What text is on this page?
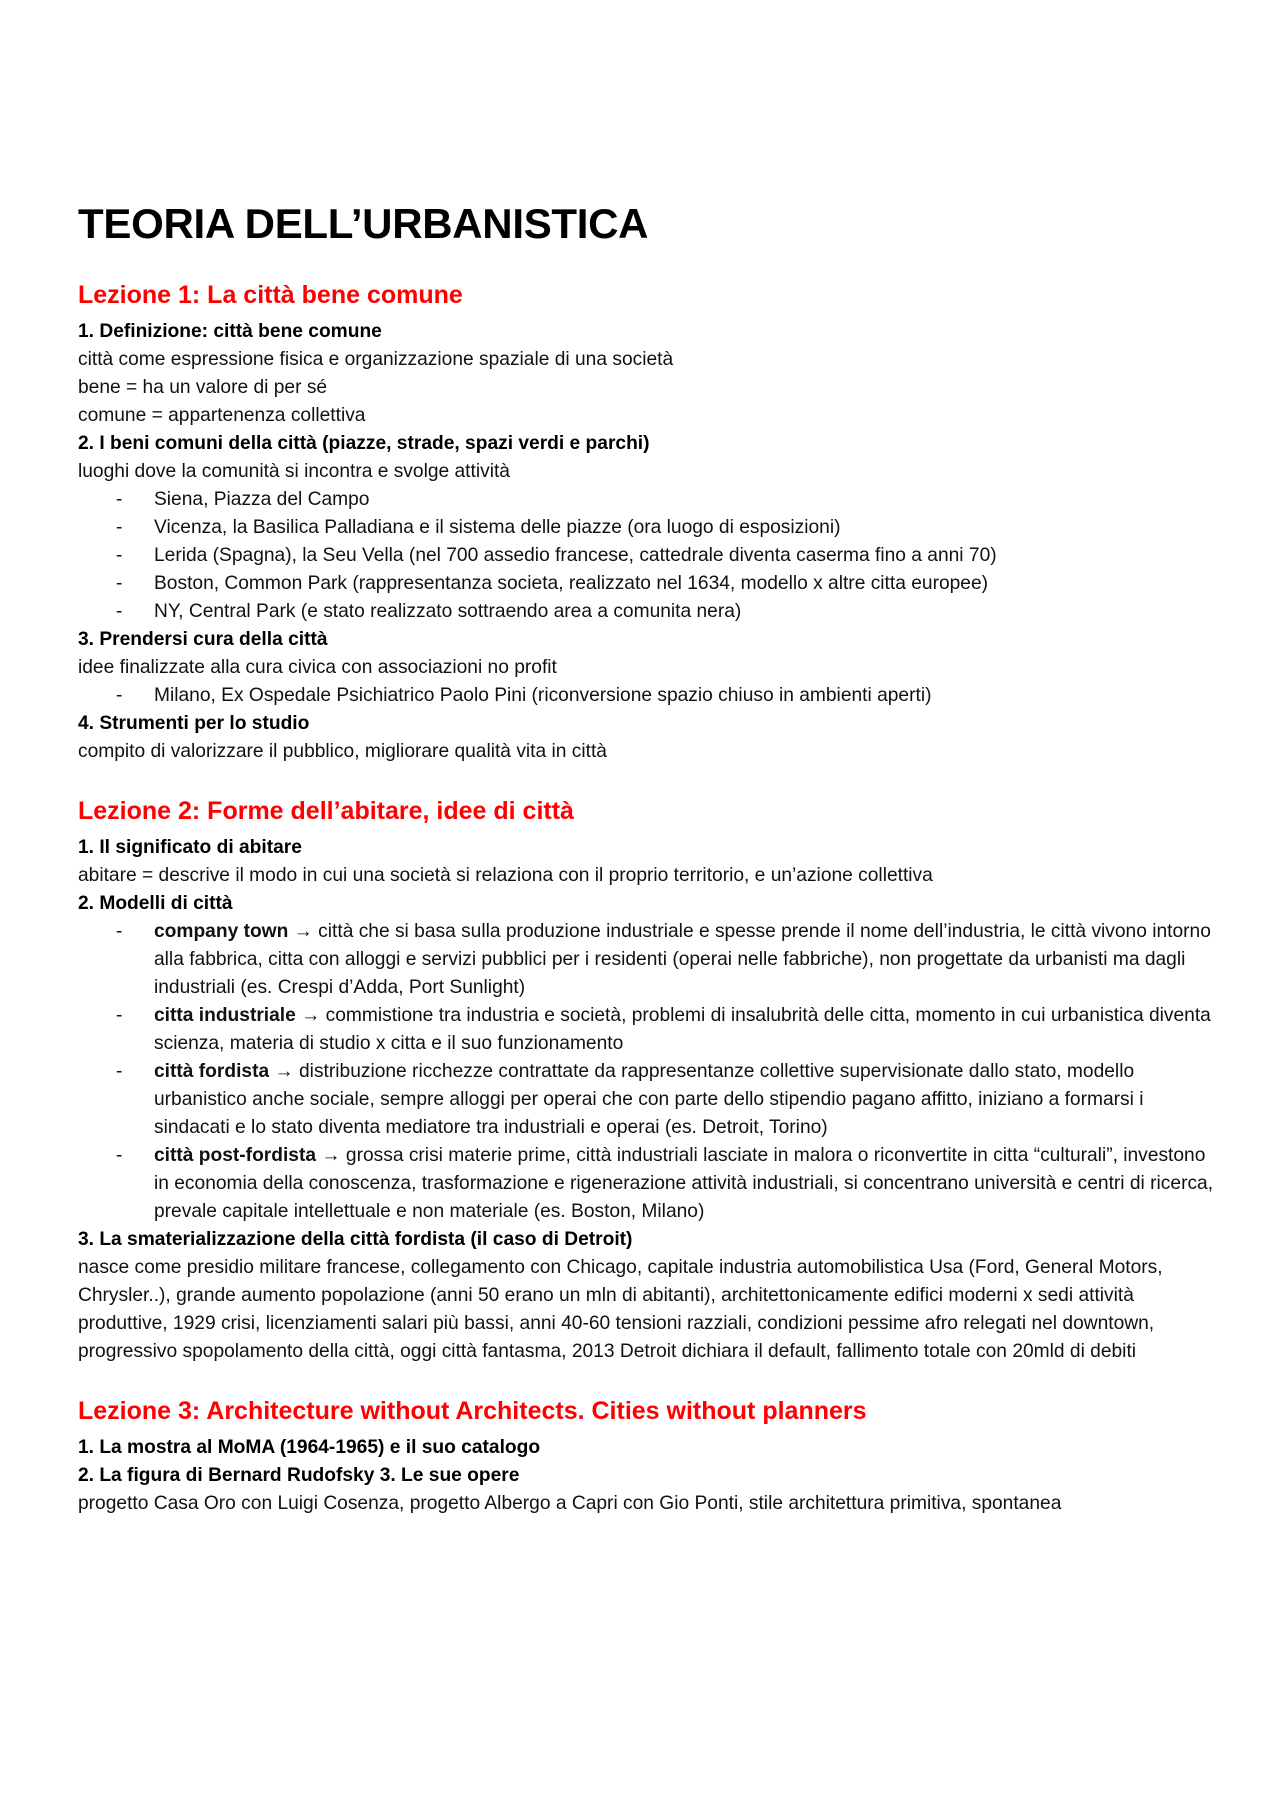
TEORIA DELL’URBANISTICA
Lezione 1: La città bene comune

1. Definizione: città bene comune

città come espressione fisica e organizzazione spaziale di una società

bene = ha un valore di per sé

comune = appartenenza collettiva

2. I beni comuni della città (piazze, strade, spazi verdi e parchi)

luoghi dove la comunità si incontra e svolge attività

- Siena, Piazza del Campo
- Vicenza, la Basilica Palladiana e il sistema delle piazze (ora luogo di esposizioni)
- Lerida (Spagna), la Seu Vella (nel 700 assedio francese, cattedrale diventa caserma fino a anni 70)
- Boston, Common Park (rappresentanza societa, realizzato nel 1634, modello x altre citta europee)
- NY, Central Park (e stato realizzato sottraendo area a comunita nera)

3. Prendersi cura della città

idee finalizzate alla cura civica con associazioni no profit

- Milano, Ex Ospedale Psichiatrico Paolo Pini (riconversione spazio chiuso in ambienti aperti)

4. Strumenti per lo studio

compito di valorizzare il pubblico, migliorare qualità vita in città

Lezione 2: Forme dell’abitare, idee di città

1. Il significato di abitare

abitare = descrive il modo in cui una società si relaziona con il proprio territorio, e un’azione collettiva

2. Modelli di città

- company town → città che si basa sulla produzione industriale e spesse prende il nome dell’industria, le città vivono intorno alla fabbrica, citta con alloggi e servizi pubblici per i residenti (operai nelle fabbriche), non progettate da urbanisti ma dagli industriali (es. Crespi d’Adda, Port Sunlight)
- citta industriale → commistione tra industria e società, problemi di insalubrità delle citta, momento in cui urbanistica diventa scienza, materia di studio x citta e il suo funzionamento
- città fordista → distribuzione ricchezze contrattate da rappresentanze collettive supervisionate dallo stato, modello urbanistico anche sociale, sempre alloggi per operai che con parte dello stipendio pagano affitto, iniziano a formarsi i sindacati e lo stato diventa mediatore tra industriali e operai (es. Detroit, Torino)
- città post-fordista → grossa crisi materie prime, città industriali lasciate in malora o riconvertite in citta “culturali”, investono in economia della conoscenza, trasformazione e rigenerazione attività industriali, si concentrano università e centri di ricerca, prevale capitale intellettuale e non materiale (es. Boston, Milano)

3. La smaterializzazione della città fordista (il caso di Detroit)

nasce come presidio militare francese, collegamento con Chicago, capitale industria automobilistica Usa (Ford, General Motors, Chrysler..), grande aumento popolazione (anni 50 erano un mln di abitanti), architettonicamente edifici moderni x sedi attività produttive, 1929 crisi, licenziamenti salari più bassi, anni 40-60 tensioni razziali, condizioni pessime afro relegati nel downtown, progressivo spopolamento della città, oggi città fantasma, 2013 Detroit dichiara il default, fallimento totale con 20mld di debiti

Lezione 3: Architecture without Architects. Cities without planners

1. La mostra al MoMA (1964-1965) e il suo catalogo

2. La figura di Bernard Rudofsky 3. Le sue opere

progetto Casa Oro con Luigi Cosenza, progetto Albergo a Capri con Gio Ponti, stile architettura primitiva, spontanea
